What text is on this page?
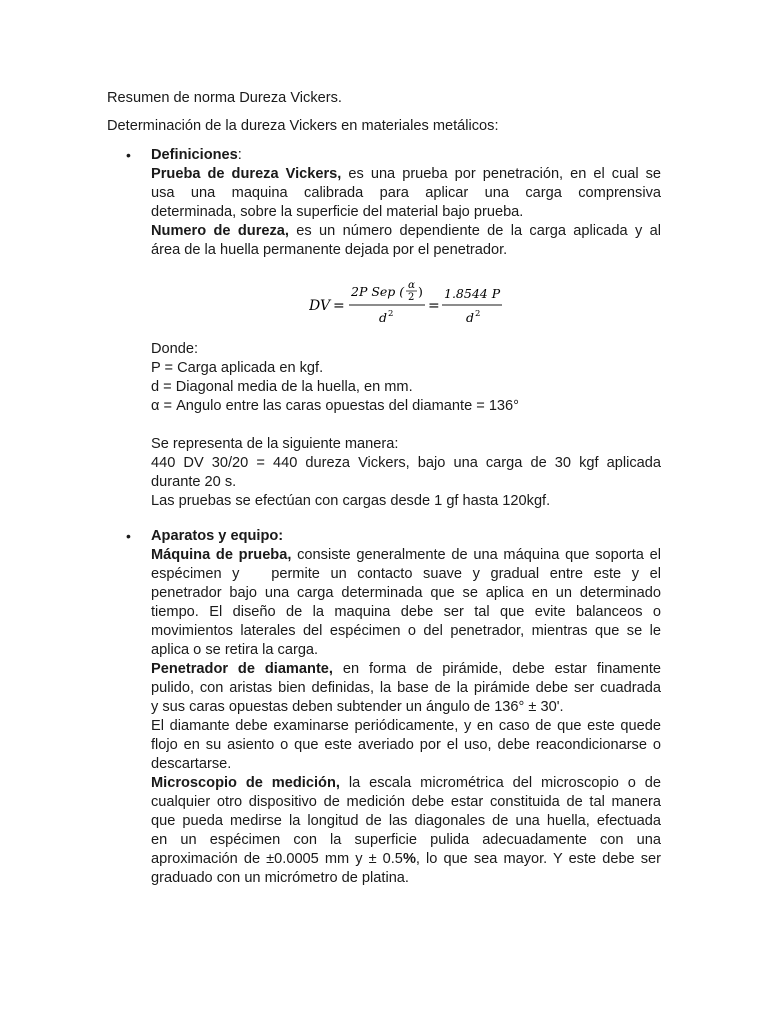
Resumen de norma Dureza Vickers.
Determinación de la dureza Vickers en materiales metálicos:
• Definiciones:
Prueba de dureza Vickers, es una prueba por penetración, en el cual se
usa una maquina calibrada para aplicar una carga comprensiva
determinada, sobre la superficie del material bajo prueba.
Numero de dureza, es un número dependiente de la carga aplicada y al
área de la huella permanente dejada por el penetrador.
DV =
2P Sep ( α
2 )
d 2 =
1.8544 P
d 2
Donde:
P = Carga aplicada en kgf.
d = Diagonal media de la huella, en mm.
α = Angulo entre las caras opuestas del diamante = 136°
Se representa de la siguiente manera:
440 DV 30/20 = 440 dureza Vickers, bajo una carga de 30 kgf aplicada
durante 20 s.
Las pruebas se efectúan con cargas desde 1 gf hasta 120kgf.
• Aparatos y equipo:
Máquina de prueba, consiste generalmente de una máquina que soporta el
espécimen y   permite un contacto suave y gradual entre este y el
penetrador bajo una carga determinada que se aplica en un determinado
tiempo. El diseño de la maquina debe ser tal que evite balanceos o
movimientos laterales del espécimen o del penetrador, mientras que se le
aplica o se retira la carga.
Penetrador de diamante, en forma de pirámide, debe estar finamente
pulido, con aristas bien definidas, la base de la pirámide debe ser cuadrada
y sus caras opuestas deben subtender un ángulo de 136° ± 30'.
El diamante debe examinarse periódicamente, y en caso de que este quede
flojo en su asiento o que este averiado por el uso, debe reacondicionarse o
descartarse.
Microscopio de medición, la escala micrométrica del microscopio o de
cualquier otro dispositivo de medición debe estar constituida de tal manera
que pueda medirse la longitud de las diagonales de una huella, efectuada
en un espécimen con la superficie pulida adecuadamente con una
aproximación de ±0.0005 mm y ± 0.5%, lo que sea mayor. Y este debe ser
graduado con un micrómetro de platina.
